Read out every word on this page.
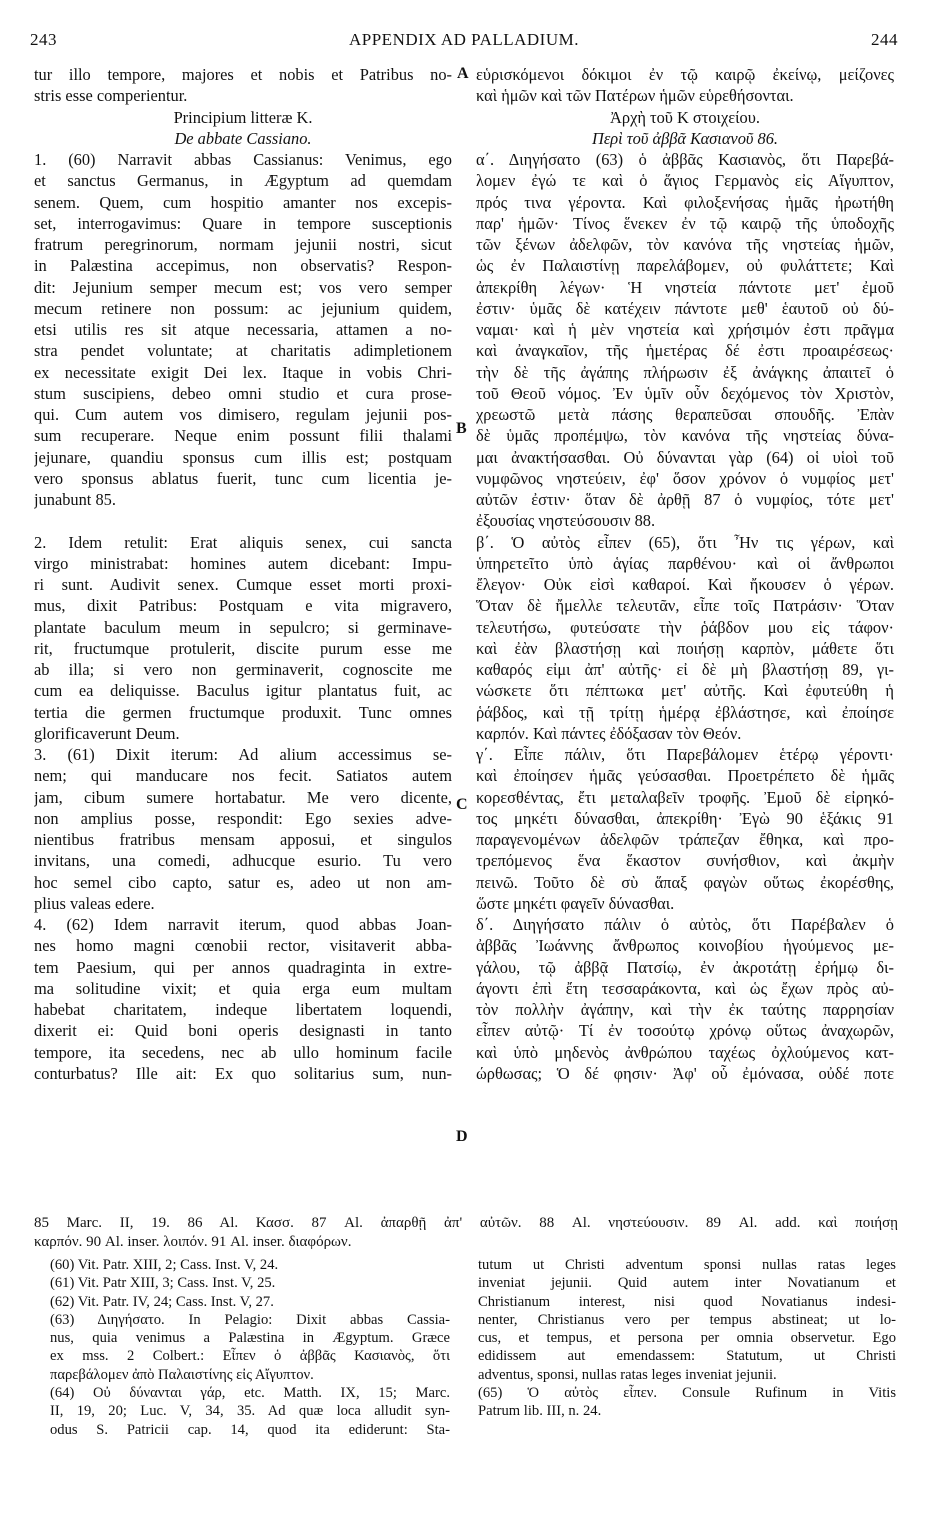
243	APPENDIX AD PALLADIUM.	244
tur illo tempore, majores et nobis et Patribus no-
stris esse comperientur.
Principium litteræ K.
De abbate Cassiano.
1. (60) Narravit abbas Cassianus: Venimus, ego
et sanctus Germanus, in Ægyptum ad quemdam
senem. Quem, cum hospitio amanter nos excepis-
set, interrogavimus: Quare in tempore susceptionis
fratrum peregrinorum, normam jejunii nostri, sicut
in Palæstina accepimus, non observatis? Respon-
dit: Jejunium semper mecum est; vos vero semper
mecum retinere non possum: ac jejunium quidem,
etsi utilis res sit atque necessaria, attamen a no-
stra pendet voluntate; at charitatis adimpletionem
ex necessitate exigit Dei lex. Itaque in vobis Chri-
stum suscipiens, debeo omni studio et cura prose-
qui. Cum autem vos dimisero, regulam jejunii pos-
sum recuperare. Neque enim possunt filii thalami
jejunare, quandiu sponsus cum illis est; postquam
vero sponsus ablatus fuerit, tunc cum licentia je-
junabunt 85.
2. Idem retulit: Erat aliquis senex, cui sancta
virgo ministrabat: homines autem dicebant: Impu-
ri sunt. Audivit senex. Cumque esset morti proxi-
mus, dixit Patribus: Postquam e vita migravero,
plantate baculum meum in sepulcro; si germinave-
rit, fructumque protulerit, discite purum esse me
ab illa; si vero non germinaverit, cognoscite me
cum ea deliquisse. Baculus igitur plantatus fuit, ac
tertia die germen fructumque produxit. Tunc omnes
glorificaverunt Deum.
3. (61) Dixit iterum: Ad alium accessimus se-
nem; qui manducare nos fecit. Satiatos autem
jam, cibum sumere hortabatur. Me vero dicente,
non amplius posse, respondit: Ego sexies adve-
nientibus fratribus mensam apposui, et singulos
invitans, una comedi, adhucque esurio. Tu vero
hoc semel cibo capto, satur es, adeo ut non am-
plius valeas edere.
4. (62) Idem narravit iterum, quod abbas Joan-
nes homo magni cœnobii rector, visitaverit abba-
tem Paesium, qui per annos quadraginta in extre-
ma solitudine vixit; et quia erga eum multam
habebat charitatem, indeque libertatem loquendi,
dixerit ei: Quid boni operis designasti in tanto
tempore, ita secedens, nec ab ullo hominum facile
conturbatus? Ille ait: Ex quo solitarius sum, nun-
εὑρισκόμενοι δόκιμοι ἐν τῷ καιρῷ ἐκείνῳ, μείζονες
καὶ ἡμῶν καὶ τῶν Πατέρων ἡμῶν εὑρεθήσονται.
Ἀρχὴ τοῦ Κ στοιχείου.
Περὶ τοῦ ἀββᾶ Κασιανοῦ 86.
α΄. Διηγήσατο (63) ὁ ἀββᾶς Κασιανὸς, ὅτι Παρεβά-
λομεν ἐγώ τε καὶ ὁ ἅγιος Γερμανὸς εἰς Αἴγυπτον,
πρός τινα γέροντα. Καὶ φιλοξενήσας ἡμᾶς ἠρωτήθη
παρ' ἡμῶν· Τίνος ἕνεκεν ἐν τῷ καιρῷ τῆς ὑποδοχῆς
τῶν ξένων ἀδελφῶν, τὸν κανόνα τῆς νηστείας ἡμῶν,
ὡς ἐν Παλαιστίνῃ παρελάβομεν, οὐ φυλάττετε; Καὶ
ἀπεκρίθη λέγων· Ἡ νηστεία πάντοτε μετ' ἐμοῦ
ἐστιν· ὑμᾶς δὲ κατέχειν πάντοτε μεθ' ἑαυτοῦ οὐ δύ-
ναμαι· καὶ ἡ μὲν νηστεία καὶ χρήσιμόν ἐστι πρᾶγμα
καὶ ἀναγκαῖον, τῆς ἡμετέρας δέ ἐστι προαιρέσεως·
τὴν δὲ τῆς ἀγάπης πλήρωσιν ἐξ ἀνάγκης ἀπαιτεῖ ὁ
τοῦ Θεοῦ νόμος. Ἐν ὑμῖν οὖν δεχόμενος τὸν Χριστὸν,
χρεωστῶ μετὰ πάσης θεραπεῦσαι σπουδῆς. Ἐπὰν
δὲ ὑμᾶς προπέμψω, τὸν κανόνα τῆς νηστείας δύνα-
μαι ἀνακτήσασθαι. Οὐ δύνανται γὰρ (64) οἱ υἱοὶ τοῦ
νυμφῶνος νηστεύειν, ἐφ' ὅσον χρόνον ὁ νυμφίος μετ'
αὐτῶν ἐστιν· ὅταν δὲ ἀρθῇ 87 ὁ νυμφίος, τότε μετ'
ἐξουσίας νηστεύσουσιν 88.
β΄. Ὁ αὐτὸς εἶπεν (65), ὅτι Ἦν τις γέρων, καὶ
ὑπηρετεῖτο ὑπὸ ἁγίας παρθένου· καὶ οἱ ἄνθρωποι
ἔλεγον· Οὐκ εἰσὶ καθαροί. Καὶ ἤκουσεν ὁ γέρων.
Ὅταν δὲ ἤμελλε τελευτᾶν, εἶπε τοῖς Πατράσιν· Ὅταν
τελευτήσω, φυτεύσατε τὴν ῥάβδον μου εἰς τάφον·
καὶ ἐὰν βλαστήσῃ καὶ ποιήσῃ καρπὸν, μάθετε ὅτι
καθαρός εἰμι ἀπ' αὐτῆς· εἰ δὲ μὴ βλαστήσῃ 89, γι-
νώσκετε ὅτι πέπτωκα μετ' αὐτῆς. Καὶ ἐφυτεύθη ἡ
ῥάβδος, καὶ τῇ τρίτῃ ἡμέρᾳ ἐβλάστησε, καὶ ἐποίησε
καρπόν. Καὶ πάντες ἐδόξασαν τὸν Θεόν.
γ΄. Εἶπε πάλιν, ὅτι Παρεβάλομεν ἑτέρῳ γέροντι·
καὶ ἐποίησεν ἡμᾶς γεύσασθαι. Προετρέπετο δὲ ἡμᾶς
κορεσθέντας, ἔτι μεταλαβεῖν τροφῆς. Ἐμοῦ δὲ εἰρηκό-
τος μηκέτι δύνασθαι, ἀπεκρίθη· Ἐγὼ 90 ἑξάκις 91
παραγενομένων ἀδελφῶν τράπεζαν ἔθηκα, καὶ προ-
τρεπόμενος ἕνα ἕκαστον συνήσθιον, καὶ ἀκμὴν
πεινῶ. Τοῦτο δὲ σὺ ἅπαξ φαγὼν οὕτως ἐκορέσθης,
ὥστε μηκέτι φαγεῖν δύνασθαι.
δ΄. Διηγήσατο πάλιν ὁ αὐτὸς, ὅτι Παρέβαλεν ὁ
ἀββᾶς Ἰωάννης ἄνθρωπος κοινοβίου ἡγούμενος με-
γάλου, τῷ ἀββᾷ Πατσίῳ, ἐν ἀκροτάτῃ ἐρήμῳ δι-
άγοντι ἐπὶ ἔτη τεσσαράκοντα, καὶ ὡς ἔχων πρὸς αὐ-
τὸν πολλὴν ἀγάπην, καὶ τὴν ἐκ ταύτης παρρησίαν
εἶπεν αὐτῷ· Τί ἐν τοσούτῳ χρόνῳ οὕτως ἀναχωρῶν,
καὶ ὑπὸ μηδενὸς ἀνθρώπου ταχέως ὀχλούμενος κατ-
ώρθωσας; Ὁ δέ φησιν· Ἀφ' οὗ ἐμόνασα, οὐδέ ποτε
A
B
C
D
85 Marc. II, 19. 86 Al. Κασσ. 87 Al. ἀπαρθῇ ἀπ' αὐτῶν. 88 Al. νηστεύουσιν. 89 Al. add. καὶ ποιήσῃ
καρπόν. 90 Al. inser. λοιπόν. 91 Al. inser. διαφόρων.
(60) Vit. Patr. XIII, 2; Cass. Inst. V, 24.
(61) Vit. Patr XIII, 3; Cass. Inst. V, 25.
(62) Vit. Patr. IV, 24; Cass. Inst. V, 27.
(63) Διηγήσατο. In Pelagio: Dixit abbas Cassia-
nus, quia venimus a Palæstina in Ægyptum. Græce
ex mss. 2 Colbert.: Εἶπεν ὁ ἀββᾶς Κασιανὸς, ὅτι
παρεβάλομεν ἀπὸ Παλαιστίνης εἰς Αἴγυπτον.
(64) Οὐ δύνανται γάρ, etc. Matth. IX, 15; Marc.
II, 19, 20; Luc. V, 34, 35. Ad quæ loca alludit syn-
odus S. Patricii cap. 14, quod ita ediderunt: Sta-
tutum ut Christi adventum sponsi nullas ratas leges
inveniat jejunii. Quid autem inter Novatianum et
Christianum interest, nisi quod Novatianus indesi-
nenter, Christianus vero per tempus abstineat; ut lo-
cus, et tempus, et persona per omnia observetur. Ego
edidissem aut emendassem: Statutum, ut Christi
adventus, sponsi, nullas ratas leges inveniat jejunii.
(65) Ὁ αὐτὸς εἶπεν. Consule Rufinum in Vitis
Patrum lib. III, n. 24.
